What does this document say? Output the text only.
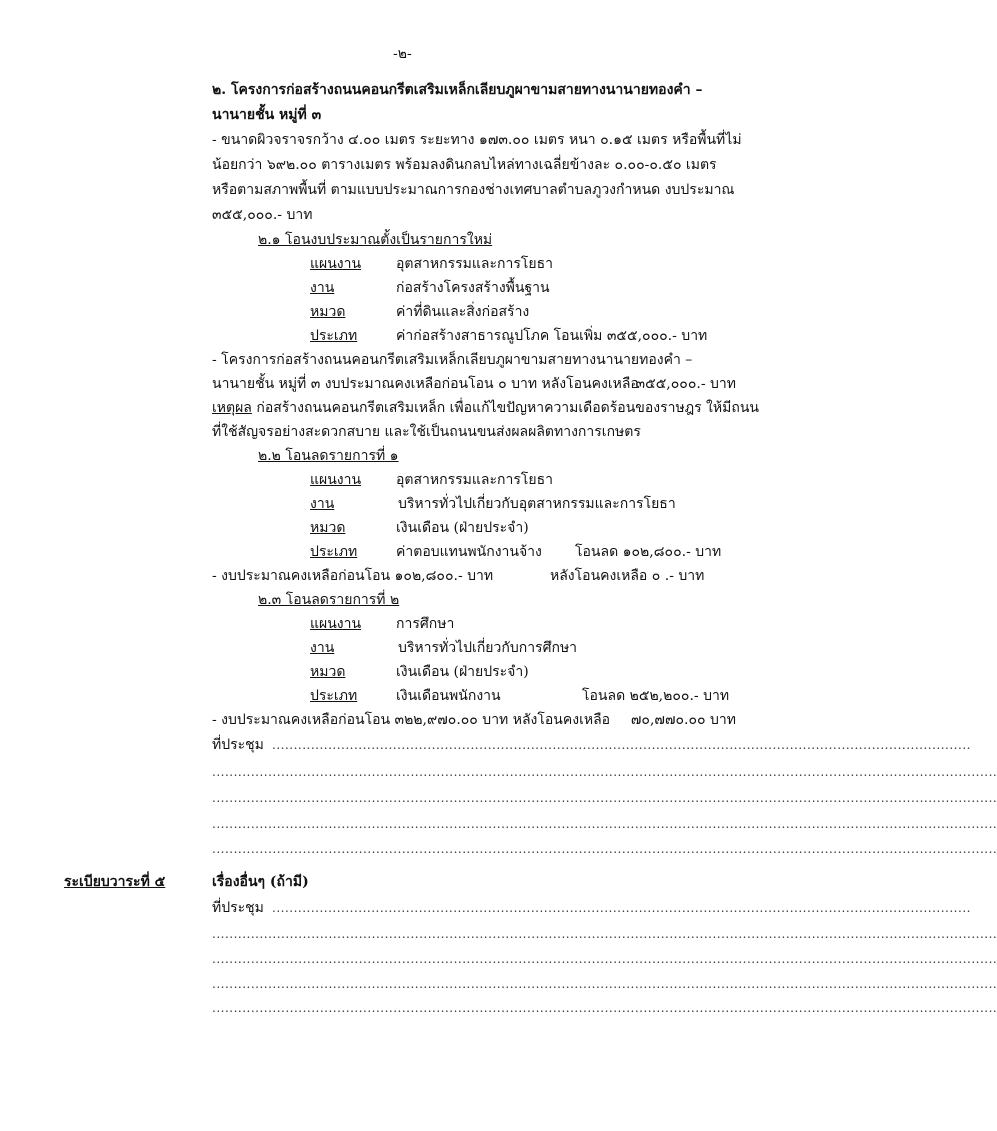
-๒-
๒. โครงการก่อสร้างถนนคอนกรีตเสริมเหล็กเลียบภูผาขามสายทางนานายทองคำ –
นานายชั้น หมู่ที่ ๓
- ขนาดผิวจราจรกว้าง ๔.๐๐ เมตร ระยะทาง ๑๗๓.๐๐ เมตร หนา ๐.๑๕ เมตร หรือพื้นที่ไม่
น้อยกว่า ๖๙๒.๐๐ ตารางเมตร พร้อมลงดินกลบไหล่ทางเฉลี่ยข้างละ ๐.๐๐-๐.๕๐ เมตร
หรือตามสภาพพื้นที่ ตามแบบประมาณการกองช่างเทศบาลตำบลภูวงกำหนด งบประมาณ
๓๕๕,๐๐๐.- บาท
๒.๑ โอนงบประมาณตั้งเป็นรายการใหม่
แผนงาน อุตสาหกรรมและการโยธา
งาน	ก่อสร้างโครงสร้างพื้นฐาน
หมวด	ค่าที่ดินและสิ่งก่อสร้าง
ประเภท	ค่าก่อสร้างสาธารณูปโภค โอนเพิ่ม ๓๕๕,๐๐๐.- บาท
- โครงการก่อสร้างถนนคอนกรีตเสริมเหล็กเลียบภูผาขามสายทางนานายทองคำ –
นานายชั้น หมู่ที่ ๓ งบประมาณคงเหลือก่อนโอน ๐ บาท หลังโอนคงเหลือ
๓๕๕,๐๐๐.- บาท
เหตุผล ก่อสร้างถนนคอนกรีตเสริมเหล็ก เพื่อแก้ไขปัญหาความเดือดร้อนของราษฎร ให้มีถนน
ที่ใช้สัญจรอย่างสะดวกสบาย และใช้เป็นถนนขนส่งผลผลิตทางการเกษตร
๒.๒ โอนลดรายการที่ ๑
แผนงาน อุตสาหกรรมและการโยธา
งาน	บริหารทั่วไปเกี่ยวกับอุตสาหกรรมและการโยธา
หมวด	เงินเดือน (ฝ่ายประจำ)
ประเภท	ค่าตอบแทนพนักงานจ้าง โอนลด ๑๐๒,๘๐๐.- บาท
- งบประมาณคงเหลือก่อนโอน ๑๐๒,๘๐๐.- บาท	หลังโอนคงเหลือ ๐ .- บาท
๒.๓ โอนลดรายการที่ ๒
แผนงาน การศึกษา
งาน	บริหารทั่วไปเกี่ยวกับการศึกษา
หมวด	เงินเดือน (ฝ่ายประจำ)
ประเภท	เงินเดือนพนักงาน	โอนลด ๒๕๒,๒๐๐.- บาท
- งบประมาณคงเหลือก่อนโอน ๓๒๒,๙๗๐.๐๐ บาท หลังโอนคงเหลือ ๗๐,๗๗๐.๐๐ บาท
ที่ประชุม ..................................................................................................................................................................
......................................................................................................................................................................................
......................................................................................................................................................................................
......................................................................................................................................................................................
......................................................................................................................................................................................
ระเบียบวาระที่ ๕	เรื่องอื่นๆ (ถ้ามี)
ที่ประชุม ..................................................................................................................................................................
......................................................................................................................................................................................
......................................................................................................................................................................................
......................................................................................................................................................................................
......................................................................................................................................................................................
